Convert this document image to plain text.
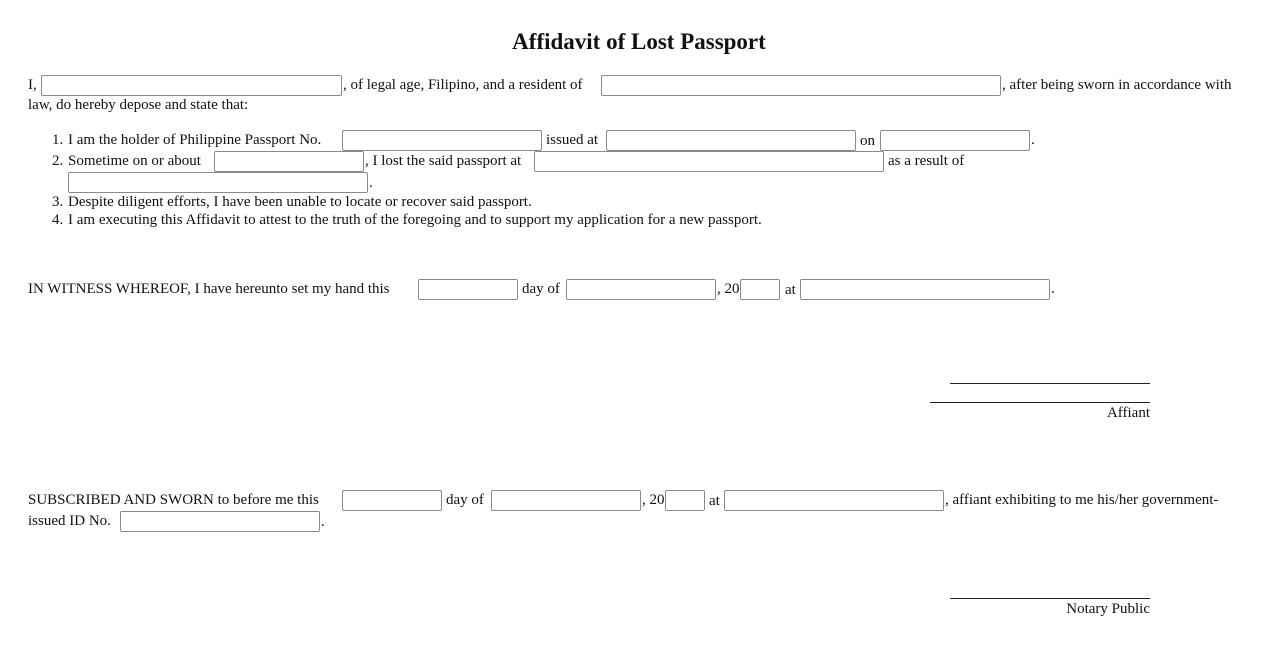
Affidavit of Lost Passport
I,	, of legal age, Filipino, and a resident of	, after being sworn in accordance with
law, do hereby depose and state that:
1. I am the holder of Philippine Passport No.	issued at	on	.
2. Sometime on or about	, I lost the said passport at	as a result of
.
3. Despite diligent efforts, I have been unable to locate or recover said passport.
4. I am executing this Affidavit to attest to the truth of the foregoing and to support my application for a new passport.
IN WITNESS WHEREOF, I have hereunto set my hand this	day of	, 20	at	.
Affiant
SUBSCRIBED AND SWORN to before me this	day of	, 20	at	, affiant exhibiting to me his/her government-
issued ID No.	.
Notary Public
